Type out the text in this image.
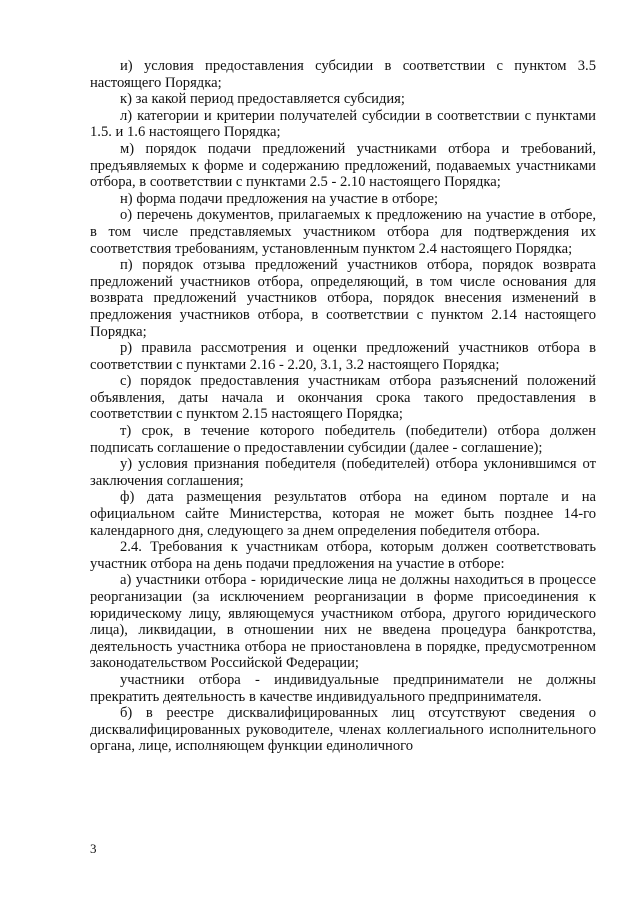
и) условия предоставления субсидии в соответствии с пунктом 3.5 настоящего Порядка;

к) за какой период предоставляется субсидия;

л) категории и критерии получателей субсидии в соответствии с пунктами 1.5. и 1.6 настоящего Порядка;

м) порядок подачи предложений участниками отбора и требований, предъявляемых к форме и содержанию предложений, подаваемых участниками отбора, в соответствии с пунктами 2.5 - 2.10 настоящего Порядка;

н) форма подачи предложения на участие в отборе;

о) перечень документов, прилагаемых к предложению на участие в отборе, в том числе представляемых участником отбора для подтверждения их соответствия требованиям, установленным пунктом 2.4 настоящего Порядка;

п) порядок отзыва предложений участников отбора, порядок возврата предложений участников отбора, определяющий, в том числе основания для возврата предложений участников отбора, порядок внесения изменений в предложения участников отбора, в соответствии с пунктом 2.14 настоящего Порядка;

р) правила рассмотрения и оценки предложений участников отбора в соответствии с пунктами 2.16 - 2.20, 3.1, 3.2 настоящего Порядка;

с) порядок предоставления участникам отбора разъяснений положений объявления, даты начала и окончания срока такого предоставления в соответствии с пунктом 2.15 настоящего Порядка;

т) срок, в течение которого победитель (победители) отбора должен подписать соглашение о предоставлении субсидии (далее - соглашение);

у) условия признания победителя (победителей) отбора уклонившимся от заключения соглашения;

ф) дата размещения результатов отбора на едином портале и на официальном сайте Министерства, которая не может быть позднее 14-го календарного дня, следующего за днем определения победителя отбора.

2.4. Требования к участникам отбора, которым должен соответствовать участник отбора на день подачи предложения на участие в отборе:

а) участники отбора - юридические лица не должны находиться в процессе реорганизации (за исключением реорганизации в форме присоединения к юридическому лицу, являющемуся участником отбора, другого юридического лица), ликвидации, в отношении них не введена процедура банкротства, деятельность участника отбора не приостановлена в порядке, предусмотренном законодательством Российской Федерации;

участники отбора - индивидуальные предприниматели не должны прекратить деятельность в качестве индивидуального предпринимателя.

б) в реестре дисквалифицированных лиц отсутствуют сведения о дисквалифицированных руководителе, членах коллегиального исполнительного органа, лице, исполняющем функции единоличного

3
